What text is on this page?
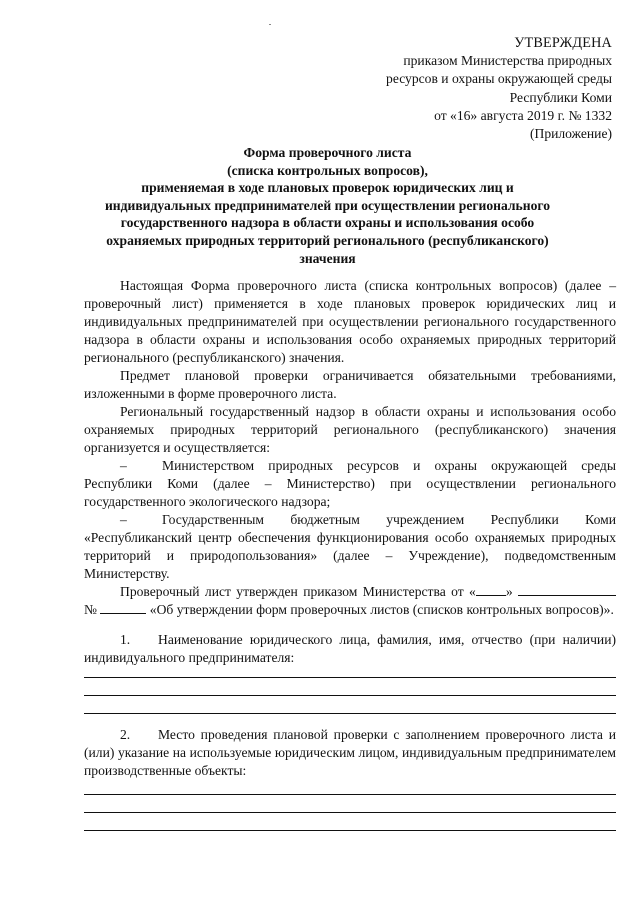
УТВЕРЖДЕНА
приказом Министерства природных
ресурсов и охраны окружающей среды
Республики Коми
от «16» августа 2019 г. № 1332
(Приложение)
Форма проверочного листа
(списка контрольных вопросов),
применяемая в ходе плановых проверок юридических лиц и
индивидуальных предпринимателей при осуществлении регионального
государственного надзора в области охраны и использования особо
охраняемых природных территорий регионального (республиканского)
значения

Настоящая Форма проверочного листа (списка контрольных вопросов) (далее – проверочный лист) применяется в ходе плановых проверок юридических лиц и индивидуальных предпринимателей при осуществлении регионального государственного надзора в области охраны и использования особо охраняемых природных территорий регионального (республиканского) значения.

Предмет плановой проверки ограничивается обязательными требованиями, изложенными в форме проверочного листа.

Региональный государственный надзор в области охраны и использования особо охраняемых природных территорий регионального (республиканского) значения организуется и осуществляется:

–	Министерством природных ресурсов и охраны окружающей среды Республики Коми (далее – Министерство) при осуществлении регионального государственного экологического надзора;

–	Государственным бюджетным учреждением Республики Коми «Республиканский центр обеспечения функционирования особо охраняемых природных территорий и природопользования» (далее – Учреждение), подведомственным Министерству.

Проверочный лист утвержден приказом Министерства от « »  №	«Об утверждении форм проверочных листов (списков контрольных вопросов)».

1. Наименование юридического лица, фамилия, имя, отчество (при наличии) индивидуального предпринимателя:

2. Место проведения плановой проверки с заполнением проверочного листа и (или) указание на используемые юридическим лицом, индивидуальным предпринимателем производственные объекты:
